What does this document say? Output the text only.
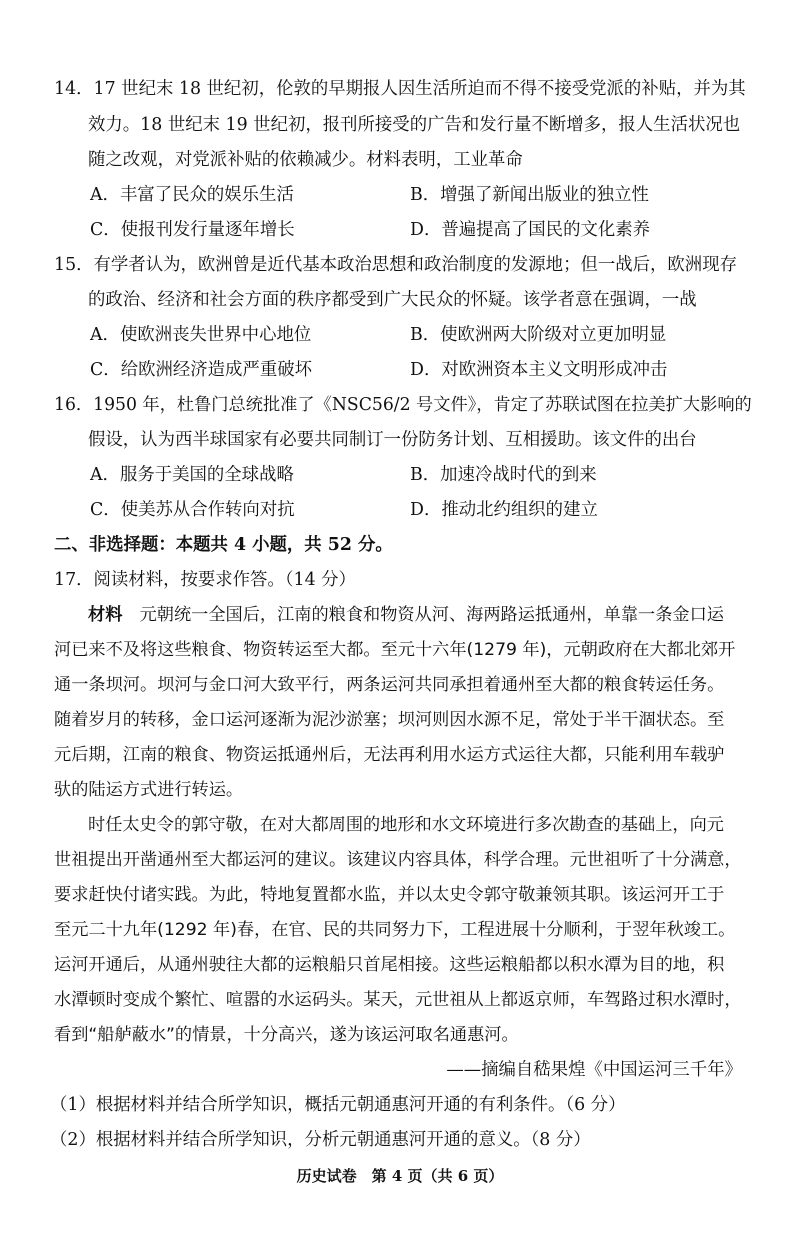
14．17 世纪末 18 世纪初，伦敦的早期报人因生活所迫而不得不接受党派的补贴，并为其
效力。18 世纪末 19 世纪初，报刊所接受的广告和发行量不断增多，报人生活状况也
随之改观，对党派补贴的依赖减少。材料表明，工业革命
A．丰富了民众的娱乐生活	B．增强了新闻出版业的独立性
C．使报刊发行量逐年增长	D．普遍提高了国民的文化素养
15．有学者认为，欧洲曾是近代基本政治思想和政治制度的发源地；但一战后，欧洲现存
的政治、经济和社会方面的秩序都受到广大民众的怀疑。该学者意在强调，一战
A．使欧洲丧失世界中心地位	B．使欧洲两大阶级对立更加明显
C．给欧洲经济造成严重破坏	D．对欧洲资本主义文明形成冲击
16．1950 年，杜鲁门总统批准了《NSC56/2 号文件》，肯定了苏联试图在拉美扩大影响的
假设，认为西半球国家有必要共同制订一份防务计划、互相援助。该文件的出台
A．服务于美国的全球战略	B．加速冷战时代的到来
C．使美苏从合作转向对抗	D．推动北约组织的建立
二、非选择题：本题共 4 小题，共 52 分。
17．阅读材料，按要求作答。（14 分）
材料　 元朝统一全国后，江南的粮食和物资从河、海两路运抵通州，单靠一条金口运
河已来不及将这些粮食、物资转运至大都。至元十六年(1279 年)，元朝政府在大都北郊开
通一条坝河。坝河与金口河大致平行，两条运河共同承担着通州至大都的粮食转运任务。
随着岁月的转移，金口运河逐渐为泥沙淤塞；坝河则因水源不足，常处于半干涸状态。至
元后期，江南的粮食、物资运抵通州后，无法再利用水运方式运往大都，只能利用车载驴
驮的陆运方式进行转运。
时任太史令的郭守敬，在对大都周围的地形和水文环境进行多次勘查的基础上，向元
世祖提出开凿通州至大都运河的建议。该建议内容具体，科学合理。元世祖听了十分满意，
要求赶快付诸实践。为此，特地复置都水监，并以太史令郭守敬兼领其职。该运河开工于
至元二十九年(1292 年)春，在官、民的共同努力下，工程进展十分顺利，于翌年秋竣工。
运河开通后，从通州驶往大都的运粮船只首尾相接。这些运粮船都以积水潭为目的地，积
水潭顿时变成个繁忙、喧嚣的水运码头。某天，元世祖从上都返京师，车驾路过积水潭时，
看到“船舻蔽水”的情景，十分高兴，遂为该运河取名通惠河。
——摘编自嵇果煌《中国运河三千年》
（1）根据材料并结合所学知识，概括元朝通惠河开通的有利条件。（6 分）
（2）根据材料并结合所学知识，分析元朝通惠河开通的意义。（8 分）
历史试卷　第 4 页（共 6 页）
